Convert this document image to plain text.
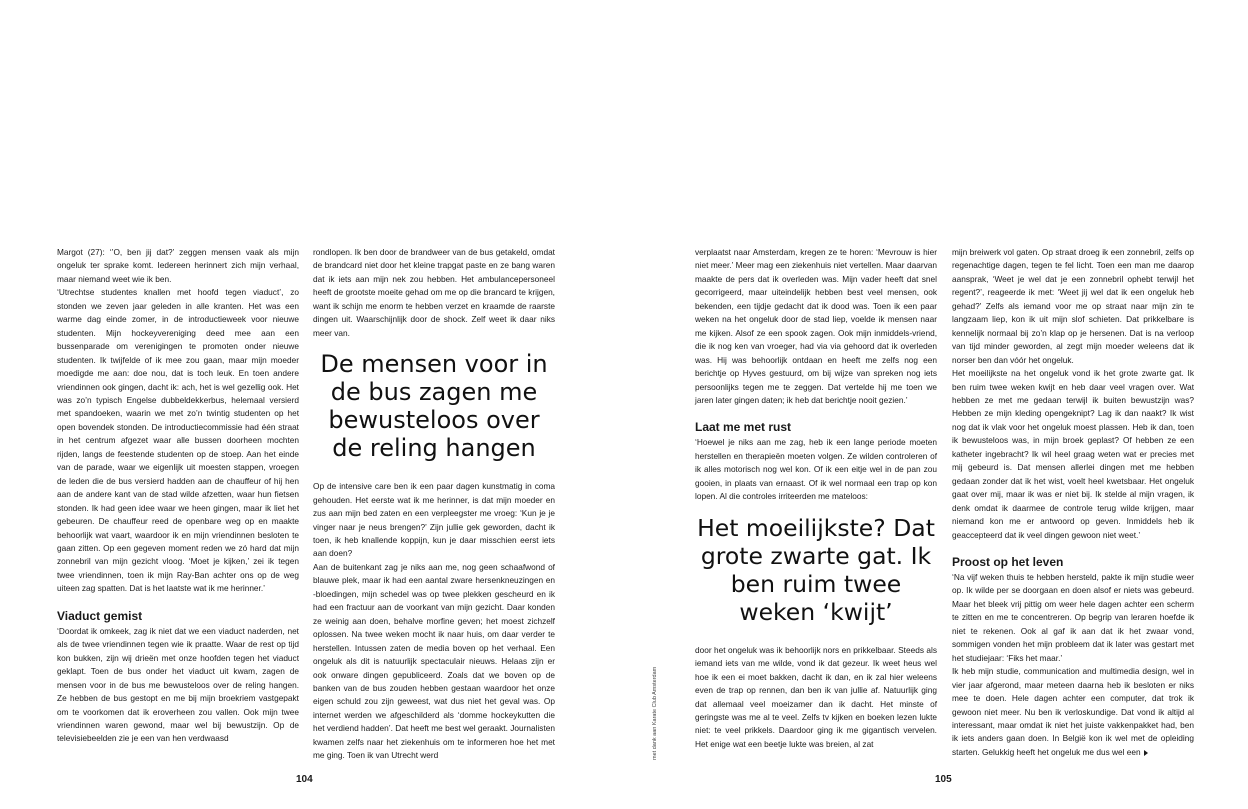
Margot (27): ‘’O, ben jij dat?’ zeggen mensen vaak als mijn ongeluk ter sprake komt. Iedereen herinnert zich mijn verhaal, maar niemand weet wie ik ben.

‘Utrechtse studentes knallen met hoofd tegen viaduct’, zo stonden we zeven jaar geleden in alle kranten. Het was een warme dag einde zomer, in de introductieweek voor nieuwe studenten. Mijn hockeyvereniging deed mee aan een bussenparade om verenigingen te promoten onder nieuwe studenten. Ik twijfelde of ik mee zou gaan, maar mijn moeder moedigde me aan: doe nou, dat is toch leuk. En toen andere vriendinnen ook gingen, dacht ik: ach, het is wel gezellig ook. Het was zo’n typisch Engelse dubbeldekkerbus, helemaal versierd met spandoeken, waarin we met zo’n twintig studenten op het open bovendek stonden. De introductiecommissie had één straat in het centrum afgezet waar alle bussen doorheen mochten rijden, langs de feestende studenten op de stoep. Aan het einde van de parade, waar we eigenlijk uit moesten stappen, vroegen de leden die de bus versierd hadden aan de chauffeur of hij hen aan de andere kant van de stad wilde afzetten, waar hun fietsen stonden. Ik had geen idee waar we heen gingen, maar ik liet het gebeuren. De chauffeur reed de openbare weg op en maakte behoorlijk wat vaart, waardoor ik en mijn vriendinnen besloten te gaan zitten. Op een gegeven moment reden we zó hard dat mijn zonnebril van mijn gezicht vloog. ‘Moet je kijken,’ zei ik tegen twee vriendinnen, toen ik mijn Ray-Ban achter ons op de weg uiteen zag spatten. Dat is het laatste wat ik me herinner.’

Viaduct gemist

‘Doordat ik omkeek, zag ik niet dat we een viaduct naderden, net als de twee vriendinnen tegen wie ik praatte. Waar de rest op tijd kon bukken, zijn wij drieën met onze hoofden tegen het viaduct geklapt. Toen de bus onder het viaduct uit kwam, zagen de mensen voor in de bus me bewusteloos over de reling hangen. Ze hebben de bus gestopt en me bij mijn broekriem vastgepakt om te voorkomen dat ik eroverheen zou vallen. Ook mijn twee vriendinnen waren gewond, maar wel bij bewustzijn. Op de televisiebeelden zie je een van hen verdwaasd

rondlopen. Ik ben door de brandweer van de bus getakeld, omdat de brandcard niet door het kleine trapgat paste en ze bang waren dat ik iets aan mijn nek zou hebben. Het ambulancepersoneel heeft de grootste moeite gehad om me op die brancard te krijgen, want ik schijn me enorm te hebben verzet en kraamde de raarste dingen uit. Waarschijnlijk door de shock. Zelf weet ik daar niks meer van.

De mensen voor in de bus zagen me bewusteloos over de reling hangen

Op de intensive care ben ik een paar dagen kunstmatig in coma gehouden. Het eerste wat ik me herinner, is dat mijn moeder en zus aan mijn bed zaten en een verpleegster me vroeg: ‘Kun je je vinger naar je neus brengen?’ Zijn jullie gek geworden, dacht ik toen, ik heb knallende koppijn, kun je daar misschien eerst iets aan doen?

Aan de buitenkant zag je niks aan me, nog geen schaafwond of blauwe plek, maar ik had een aantal zware hersenkneuzingen en -bloedingen, mijn schedel was op twee plekken gescheurd en ik had een fractuur aan de voorkant van mijn gezicht. Daar konden ze weinig aan doen, behalve morfine geven; het moest zichzelf oplossen. Na twee weken mocht ik naar huis, om daar verder te herstellen. Intussen zaten de media boven op het verhaal. Een ongeluk als dit is natuurlijk spectaculair nieuws. Helaas zijn er ook onware dingen gepubliceerd. Zoals dat we boven op de banken van de bus zouden hebben gestaan waardoor het onze eigen schuld zou zijn geweest, wat dus niet het geval was. Op internet werden we afgeschilderd als ‘domme hockeykutten die het verdiend hadden’. Dat heeft me best wel geraakt. Journalisten kwamen zelfs naar het ziekenhuis om te informeren hoe het met me ging. Toen ik van Utrecht werd

104

verplaatst naar Amsterdam, kregen ze te horen: ‘Mevrouw is hier niet meer.’ Meer mag een ziekenhuis niet vertellen. Maar daarvan maakte de pers dat ik overleden was. Mijn vader heeft dat snel gecorrigeerd, maar uiteindelijk hebben best veel mensen, ook bekenden, een tijdje gedacht dat ik dood was. Toen ik een paar weken na het ongeluk door de stad liep, voelde ik mensen naar me kijken. Alsof ze een spook zagen. Ook mijn inmiddels-vriend, die ik nog ken van vroeger, had via via gehoord dat ik overleden was. Hij was behoorlijk ontdaan en heeft me zelfs nog een berichtje op Hyves gestuurd, om bij wijze van spreken nog iets persoonlijks tegen me te zeggen. Dat vertelde hij me toen we jaren later gingen daten; ik heb dat berichtje nooit gezien.’

Laat me met rust

‘Hoewel je niks aan me zag, heb ik een lange periode moeten herstellen en therapieën moeten volgen. Ze wilden controleren of ik alles motorisch nog wel kon. Of ik een eitje wel in de pan zou gooien, in plaats van ernaast. Of ik wel normaal een trap op kon lopen. Al die controles irriteerden me mateloos:

Het moeilijkste? Dat grote zwarte gat. Ik ben ruim twee weken ‘kwijt’

door het ongeluk was ik behoorlijk nors en prikkelbaar. Steeds als iemand iets van me wilde, vond ik dat gezeur. Ik weet heus wel hoe ik een ei moet bakken, dacht ik dan, en ik zal hier weleens even de trap op rennen, dan ben ik van jullie af. Natuurlijk ging dat allemaal veel moeizamer dan ik dacht. Het minste of geringste was me al te veel. Zelfs tv kijken en boeken lezen lukte niet: te veel prikkels. Daardoor ging ik me gigantisch vervelen. Het enige wat een beetje lukte was breien, al zat

mijn breiwerk vol gaten. Op straat droeg ik een zonnebril, zelfs op regenachtige dagen, tegen te fel licht. Toen een man me daarop aansprak, ‘Weet je wel dat je een zonnebril ophebt terwijl het regent?’, reageerde ik met: ‘Weet jij wel dat ik een ongeluk heb gehad?’ Zelfs als iemand voor me op straat naar mijn zin te langzaam liep, kon ik uit mijn slof schieten. Dat prikkelbare is kennelijk normaal bij zo’n klap op je hersenen. Dat is na verloop van tijd minder geworden, al zegt mijn moeder weleens dat ik norser ben dan vóór het ongeluk.

Het moeilijkste na het ongeluk vond ik het grote zwarte gat. Ik ben ruim twee weken kwijt en heb daar veel vragen over. Wat hebben ze met me gedaan terwijl ik buiten bewustzijn was? Hebben ze mijn kleding opengeknipt? Lag ik dan naakt? Ik wist nog dat ik vlak voor het ongeluk moest plassen. Heb ik dan, toen ik bewusteloos was, in mijn broek geplast? Of hebben ze een katheter ingebracht? Ik wil heel graag weten wat er precies met mij gebeurd is. Dat mensen allerlei dingen met me hebben gedaan zonder dat ik het wist, voelt heel kwetsbaar. Het ongeluk gaat over mij, maar ik was er niet bij. Ik stelde al mijn vragen, ik denk omdat ik daarmee de controle terug wilde krijgen, maar niemand kon me er antwoord op geven. Inmiddels heb ik geaccepteerd dat ik veel dingen gewoon niet weet.’

Proost op het leven

‘Na vijf weken thuis te hebben hersteld, pakte ik mijn studie weer op. Ik wilde per se doorgaan en doen alsof er niets was gebeurd. Maar het bleek vrij pittig om weer hele dagen achter een scherm te zitten en me te concentreren. Op begrip van leraren hoefde ik niet te rekenen. Ook al gaf ik aan dat ik het zwaar vond, sommigen vonden het mijn probleem dat ik later was gestart met het studiejaar: ‘Fiks het maar.’

Ik heb mijn studie, communication and multimedia design, wel in vier jaar afgerond, maar meteen daarna heb ik besloten er niks mee te doen. Hele dagen achter een computer, dat trok ik gewoon niet meer. Nu ben ik verloskundige. Dat vond ik altijd al interessant, maar omdat ik niet het juiste vakkenpakket had, ben ik iets anders gaan doen. In België kon ik wel met de opleiding starten. Gelukkig heeft het ongeluk me dus wel een

105
met dank aan Karate Club Amsterdam
